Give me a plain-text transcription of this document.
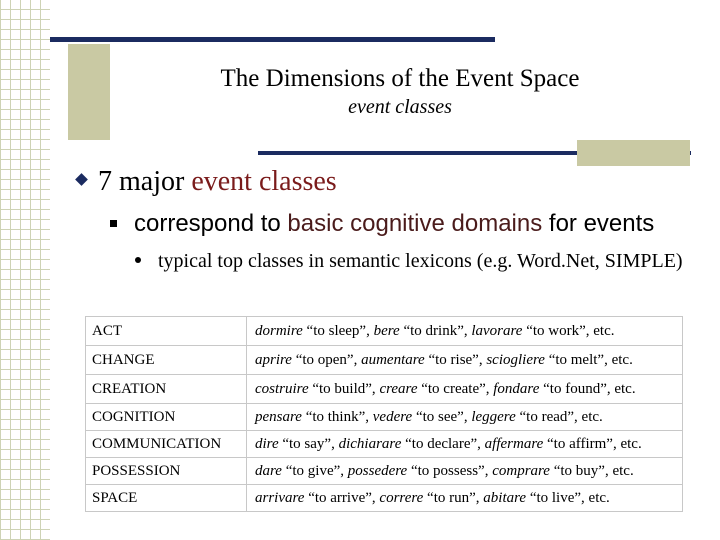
The Dimensions of the Event Space
event classes
7 major event classes
correspond to basic cognitive domains for events
typical top classes in semantic lexicons (e.g. Word.Net, SIMPLE)
ACT	dormire “to sleep”, bere “to drink”, lavorare “to work”, etc.
CHANGE	aprire “to open”, aumentare “to rise”, sciogliere “to melt”, etc.
CREATION	costruire “to build”, creare “to create”, fondare “to found”, etc.
COGNITION	pensare “to think”, vedere “to see”, leggere “to read”, etc.
COMMUNICATION	dire “to say”, dichiarare “to declare”, affermare “to affirm”, etc.
POSSESSION	dare “to give”, possedere “to possess”, comprare “to buy”, etc.
SPACE	arrivare “to arrive”, correre “to run”, abitare “to live”, etc.
